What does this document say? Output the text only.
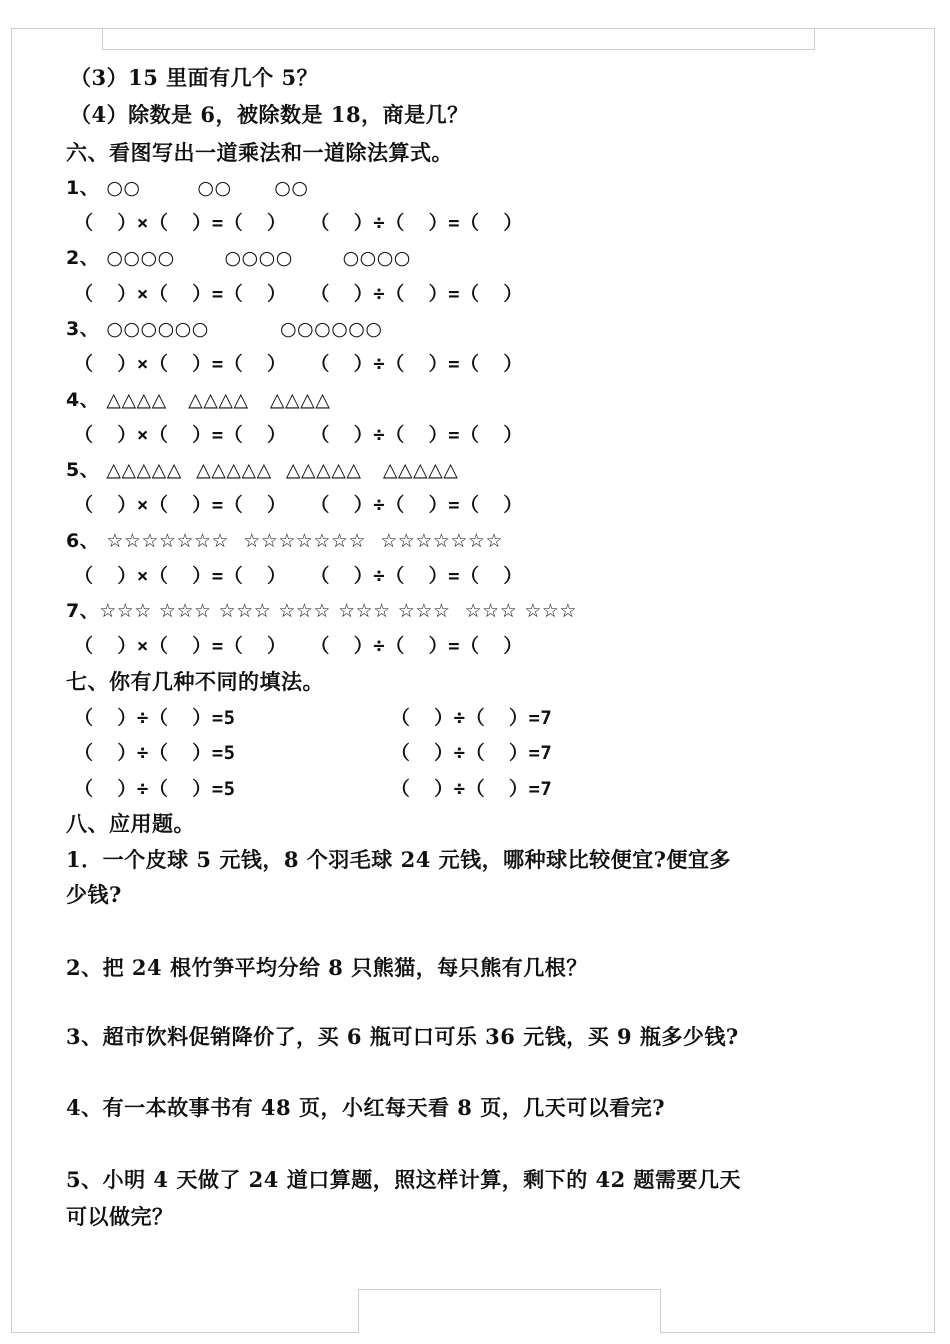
（3）15 里面有几个 5？
（4）除数是 6，被除数是 18，商是几？
六、看图写出一道乘法和一道除法算式。
1、 ○○        ○○      ○○
（  ）×（  ）=（  ）  （  ）÷（  ）=（  ）
2、 ○○○○       ○○○○       ○○○○
（  ）×（  ）=（  ）  （  ）÷（  ）=（  ）
3、 ○○○○○○          ○○○○○○
（  ）×（  ）=（  ）  （  ）÷（  ）=（  ）
4、 △△△△   △△△△   △△△△
（  ）×（  ）=（  ）  （  ）÷（  ）=（  ）
5、 △△△△△  △△△△△  △△△△△   △△△△△
（  ）×（  ）=（  ）  （  ）÷（  ）=（  ）
6、 ☆☆☆☆☆☆☆  ☆☆☆☆☆☆☆  ☆☆☆☆☆☆☆
（  ）×（  ）=（  ）  （  ）÷（  ）=（  ）
7、☆☆☆ ☆☆☆ ☆☆☆ ☆☆☆ ☆☆☆ ☆☆☆  ☆☆☆ ☆☆☆
（  ）×（  ）=（  ）  （  ）÷（  ）=（  ）
七、你有几种不同的填法。
（  ）÷（  ）=5             （  ）÷（  ）=7
（  ）÷（  ）=5             （  ）÷（  ）=7
（  ）÷（  ）=5             （  ）÷（  ）=7
八、应用题。
1．一个皮球 5 元钱，8 个羽毛球 24 元钱，哪种球比较便宜?便宜多
少钱?
2、把 24 根竹笋平均分给 8 只熊猫，每只熊有几根？
3、超市饮料促销降价了，买 6 瓶可口可乐 36 元钱，买 9 瓶多少钱?
4、有一本故事书有 48 页，小红每天看 8 页，几天可以看完?
5、小明 4 天做了 24 道口算题，照这样计算，剩下的 42 题需要几天
可以做完？
